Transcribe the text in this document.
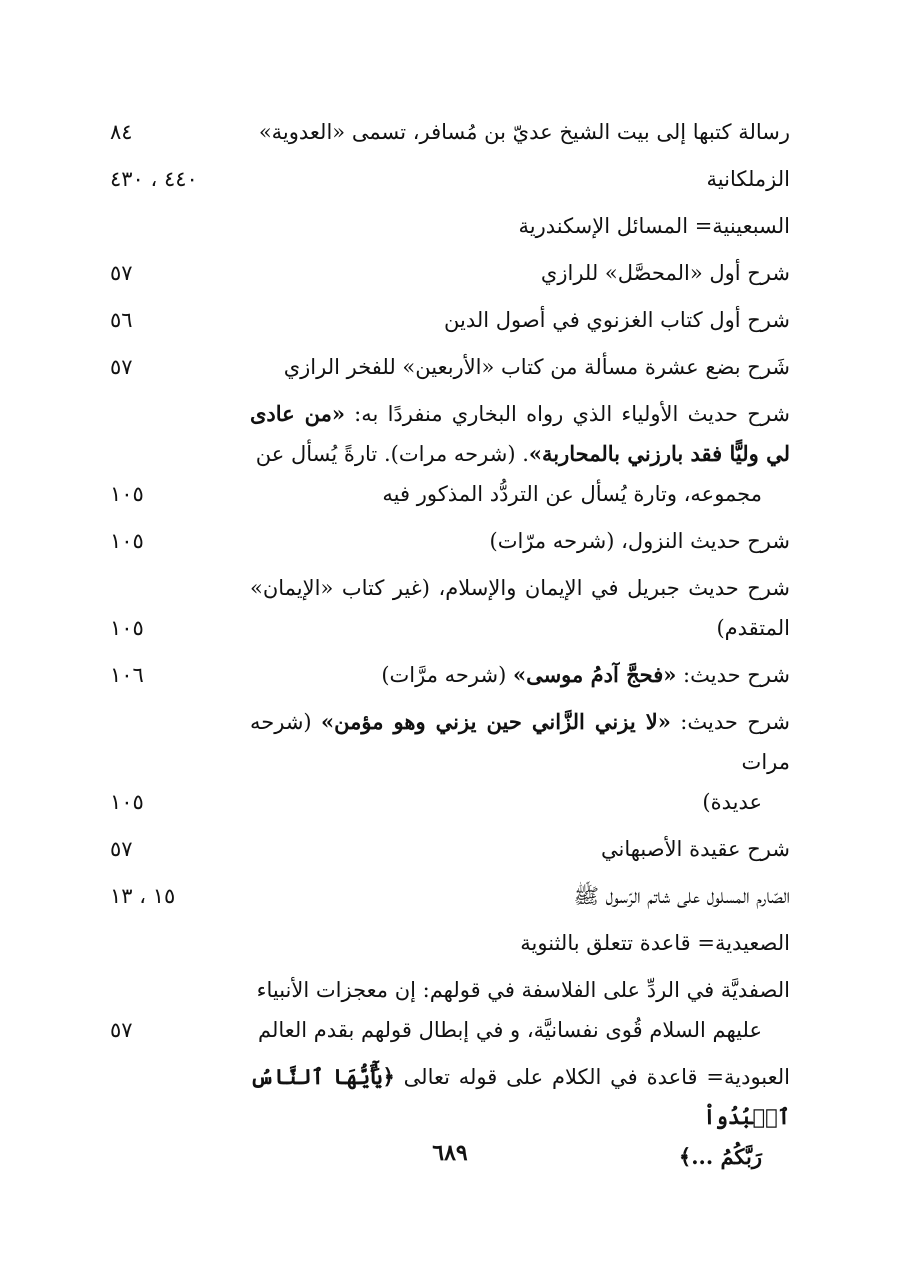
رسالة كتبها إلى بيت الشيخ عديّ بن مُسافر، تسمى «العدوية»
٨٤
الزملكانية
٤٤٠ ، ٤٣٠
السبعينية= المسائل الإسكندرية
شرح أول «المحصَّل» للرازي
٥٧
شرح أول كتاب الغزنوي في أصول الدين
٥٦
شَرح بضع عشرة مسألة من كتاب «الأربعين» للفخر الرازي
٥٧
شرح حديث الأولياء الذي رواه البخاري منفردًا به: «من عادى لي وليًّا فقد بارزني بالمحاربة». (شرحه مرات). تارةً يُسأل عن
مجموعه، وتارة يُسأل عن التردُّد المذكور فيه
١٠٥
شرح حديث النزول، (شرحه مرّات)
١٠٥
شرح حديث جبريل في الإيمان والإسلام، (غير كتاب «الإيمان» المتقدم)
١٠٥
شرح حديث: «فحجَّ آدمُ موسى» (شرحه مرَّات)
١٠٦
شرح حديث: «لا يزني الزَّاني حين يزني وهو مؤمن» (شرحه مرات
عديدة)
١٠٥
شرح عقيدة الأصبهاني
٥٧
الصّارم المسلول على شاتم الرّسول ﷺ
١٥ ، ١٣
الصعيدية= قاعدة تتعلق بالثنوية
الصفديَّة في الردِّ على الفلاسفة في قولهم: إن معجزات الأنبياء
عليهم السلام قُوى نفسانيَّة، و في إبطال قولهم بقدم العالم
٥٧
العبودية= قاعدة في الكلام على قوله تعالى ﴿يَٰٓأَيُّهَا ٱلنَّاسُ ٱعۡبُدُواْ
رَبَّكُمُ ...﴾
٦٨٩
